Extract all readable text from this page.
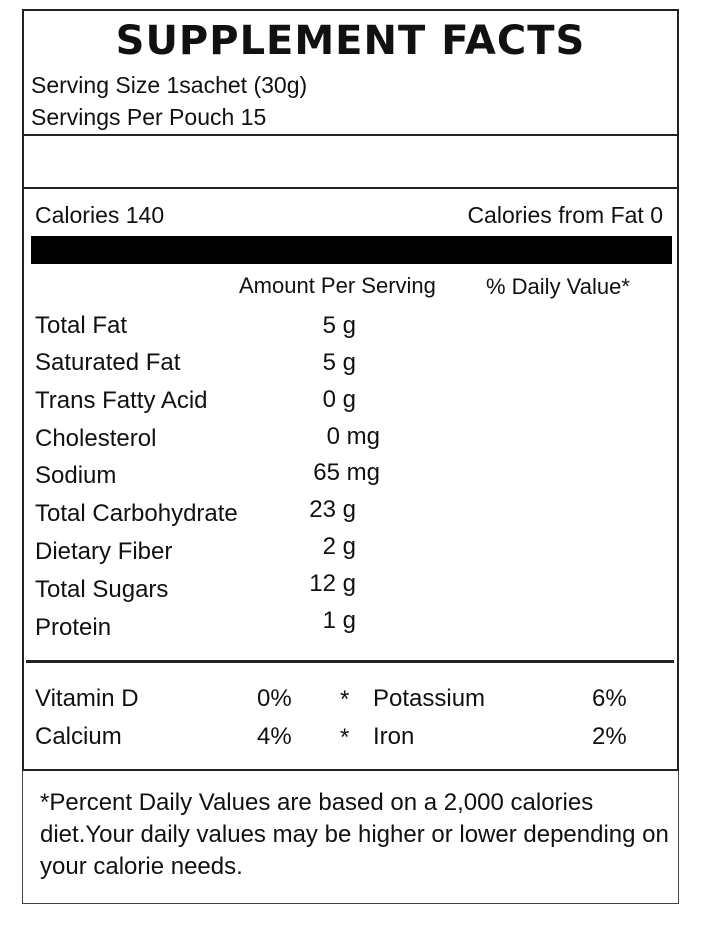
SUPPLEMENT FACTS
Serving Size 1sachet (30g)
Servings Per Pouch 15
Calories 140	Calories from Fat 0
Amount Per Serving % Daily Value*
Total Fat	5 g
Saturated Fat	5 g
Trans Fatty Acid	0 g
Cholesterol	0 mg
Sodium	65 mg
Total Carbohydrate	23 g
Dietary Fiber	2 g
Total Sugars	12 g
Protein	1 g
Vitamin D	0% * Potassium	6%
Calcium	4% * Iron	2%
*Percent Daily Values are based on a 2,000 calories diet.Your daily values may be higher or lower depending on your calorie needs.
